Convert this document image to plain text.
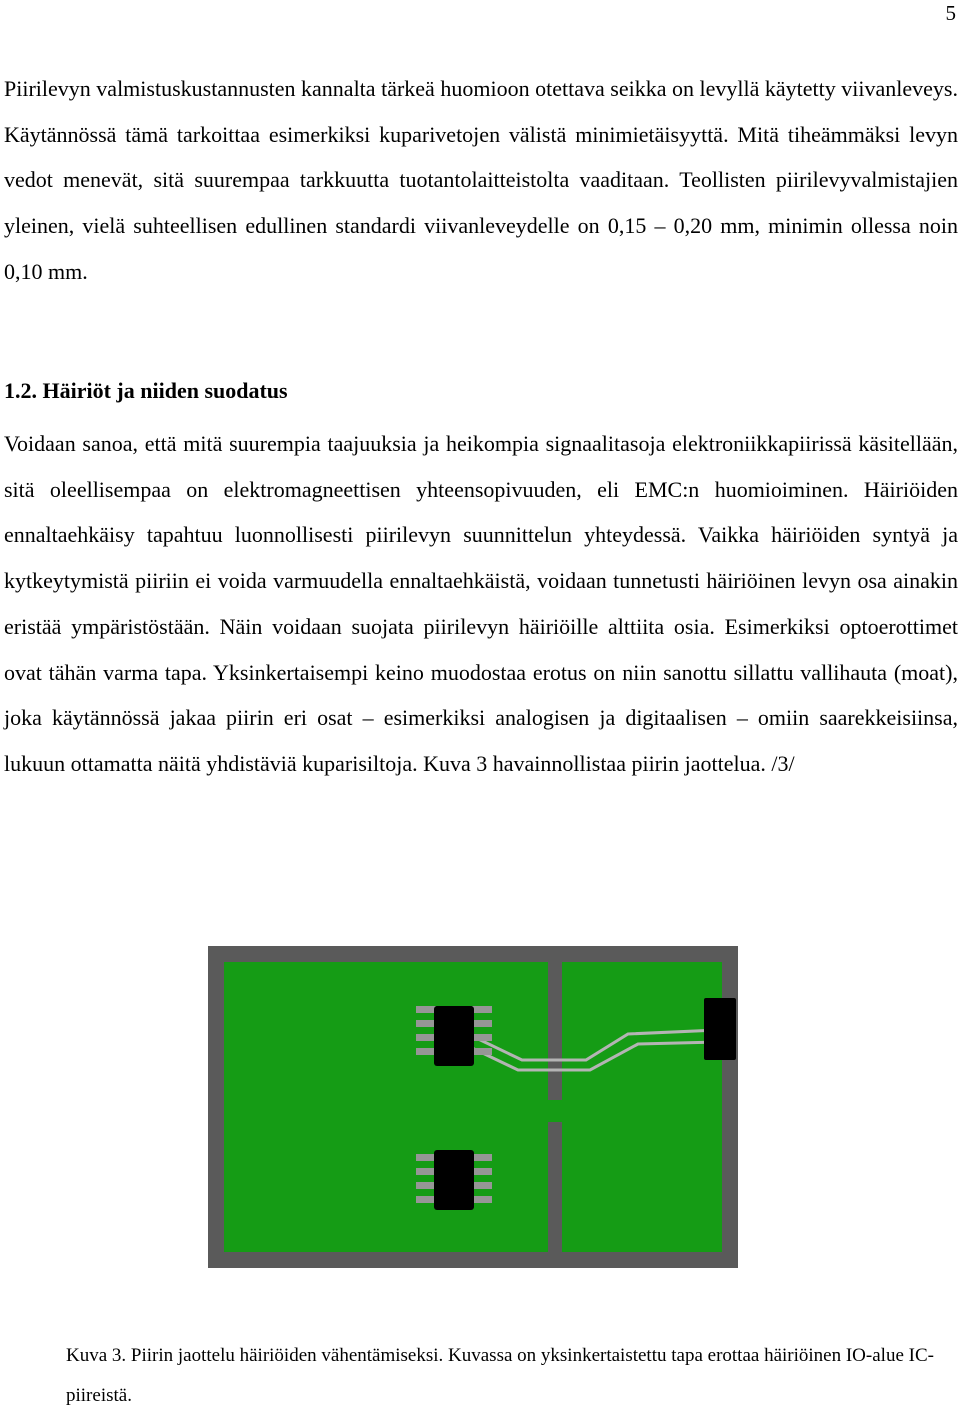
5

Piirilevyn valmistuskustannusten kannalta tärkeä huomioon otettava seikka on levyllä käytetty viivanleveys. Käytännössä tämä tarkoittaa esimerkiksi kuparivetojen välistä minimietäisyyttä. Mitä tiheämmäksi levyn vedot menevät, sitä suurempaa tarkkuutta tuotantolaitteistolta vaaditaan. Teollisten piirilevyvalmistajien yleinen, vielä suhteellisen edullinen standardi viivanleveydelle on 0,15 – 0,20 mm, minimin ollessa noin 0,10 mm.

1.2. Häiriöt ja niiden suodatus

Voidaan sanoa, että mitä suurempia taajuuksia ja heikompia signaalitasoja elektroniikkapiirissä käsitellään, sitä oleellisempaa on elektromagneettisen yhteensopivuuden, eli EMC:n huomioiminen. Häiriöiden ennaltaehkäisy tapahtuu luonnollisesti piirilevyn suunnittelun yhteydessä. Vaikka häiriöiden syntyä ja kytkeytymistä piiriin ei voida varmuudella ennaltaehkäistä, voidaan tunnetusti häiriöinen levyn osa ainakin eristää ympäristöstään. Näin voidaan suojata piirilevyn häiriöille alttiita osia. Esimerkiksi optoerottimet ovat tähän varma tapa. Yksinkertaisempi keino muodostaa erotus on niin sanottu sillattu vallihauta (moat), joka käytännössä jakaa piirin eri osat – esimerkiksi analogisen ja digitaalisen – omiin saarekkeisiinsa, lukuun ottamatta näitä yhdistäviä kuparisiltoja. Kuva 3 havainnollistaa piirin jaottelua. /3/

Kuva 3. Piirin jaottelu häiriöiden vähentämiseksi. Kuvassa on yksinkertaistettu tapa erottaa häiriöinen IO-alue IC-piireistä.
